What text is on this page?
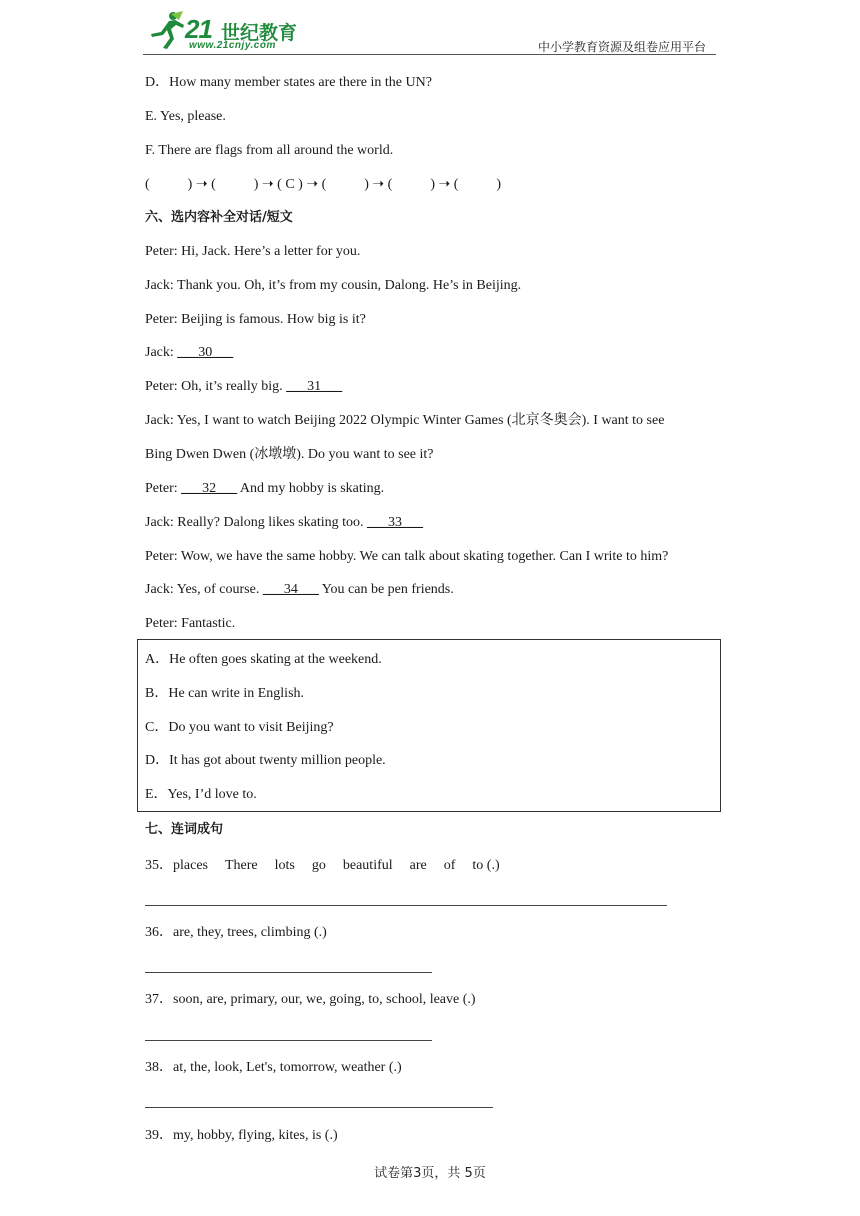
21 世纪教育
www.21cnjy.com	中小学教育资源及组卷应用平台
D．How many member states are there in the UN?
E. Yes, please.
F. There are flags from all around the world.
(	) ➝ (	) ➝ ( C ) ➝ (	) ➝ (	) ➝ (	)
六、选内容补全对话/短文
Peter: Hi, Jack. Here’s a letter for you.
Jack: Thank you. Oh, it’s from my cousin, Dalong. He’s in Beijing.
Peter: Beijing is famous. How big is it?
Jack: ___30___
Peter: Oh, it’s really big. ___31___
Jack: Yes, I want to watch Beijing 2022 Olympic Winter Games (北京冬奥会). I want to see
Bing Dwen Dwen (冰墩墩). Do you want to see it?
Peter: ___32___ And my hobby is skating.
Jack: Really? Dalong likes skating too. ___33___
Peter: Wow, we have the same hobby. We can talk about skating together. Can I write to him?
Jack: Yes, of course. ___34___ You can be pen friends.
Peter: Fantastic.
A．He often goes skating at the weekend.
B．He can write in English.
C．Do you want to visit Beijing?
D．It has got about twenty million people.
E．Yes, I’d love to.
七、连词成句
35．places There lots go beautiful are of to (.)
36．are, they, trees, climbing (.)
37．soon, are, primary, our, we, going, to, school, leave (.)
38．at, the, look, Let's, tomorrow, weather (.)
39．my, hobby, flying, kites, is (.)
试卷第3页，共 5页
